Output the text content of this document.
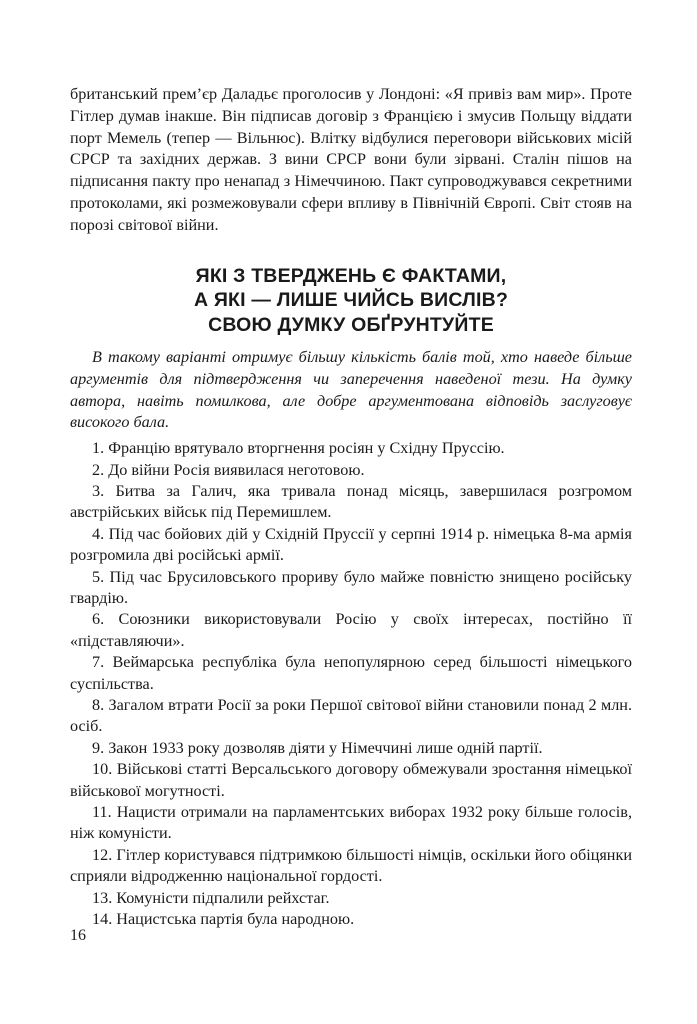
британський прем’єр Даладьє проголосив у Лондоні: «Я привіз вам мир». Проте Гітлер думав інакше. Він підписав договір з Францією і змусив Польщу віддати порт Мемель (тепер — Вільнюс). Влітку відбулися переговори військових місій СРСР та західних держав. З вини СРСР вони були зірвані. Сталін пішов на підписання пакту про ненапад з Німеччиною. Пакт супроводжувався секретними протоколами, які розмежовували сфери впливу в Північній Європі. Світ стояв на порозі світової війни.

ЯКІ З ТВЕРДЖЕНЬ Є ФАКТАМИ,
А ЯКІ — ЛИШЕ ЧИЙСЬ ВИСЛІВ?
СВОЮ ДУМКУ ОБҐРУНТУЙТЕ

В такому варіанті отримує більшу кількість балів той, хто наведе більше аргументів для підтвердження чи заперечення наведеної тези. На думку автора, навіть помилкова, але добре аргументована відповідь заслуговує високого бала.

1. Францію врятувало вторгнення росіян у Східну Пруссію.
2. До війни Росія виявилася неготовою.
3. Битва за Галич, яка тривала понад місяць, завершилася розгромом австрійських військ під Перемишлем.
4. Під час бойових дій у Східній Пруссії у серпні 1914 р. німецька 8-ма армія розгромила дві російські армії.
5. Під час Брусиловського прориву було майже повністю знищено російську гвардію.
6. Союзники використовували Росію у своїх інтересах, постійно її «підставляючи».
7. Веймарська республіка була непопулярною серед більшості німецького суспільства.
8. Загалом втрати Росії за роки Першої світової війни становили понад 2 млн. осіб.
9. Закон 1933 року дозволяв діяти у Німеччині лише одній партії.
10. Військові статті Версальського договору обмежували зростання німецької військової могутності.
11. Нацисти отримали на парламентських виборах 1932 року більше голосів, ніж комуністи.
12. Гітлер користувався підтримкою більшості німців, оскільки його обіцянки сприяли відродженню національної гордості.
13. Комуністи підпалили рейхстаг.
14. Нацистська партія була народною.
16
